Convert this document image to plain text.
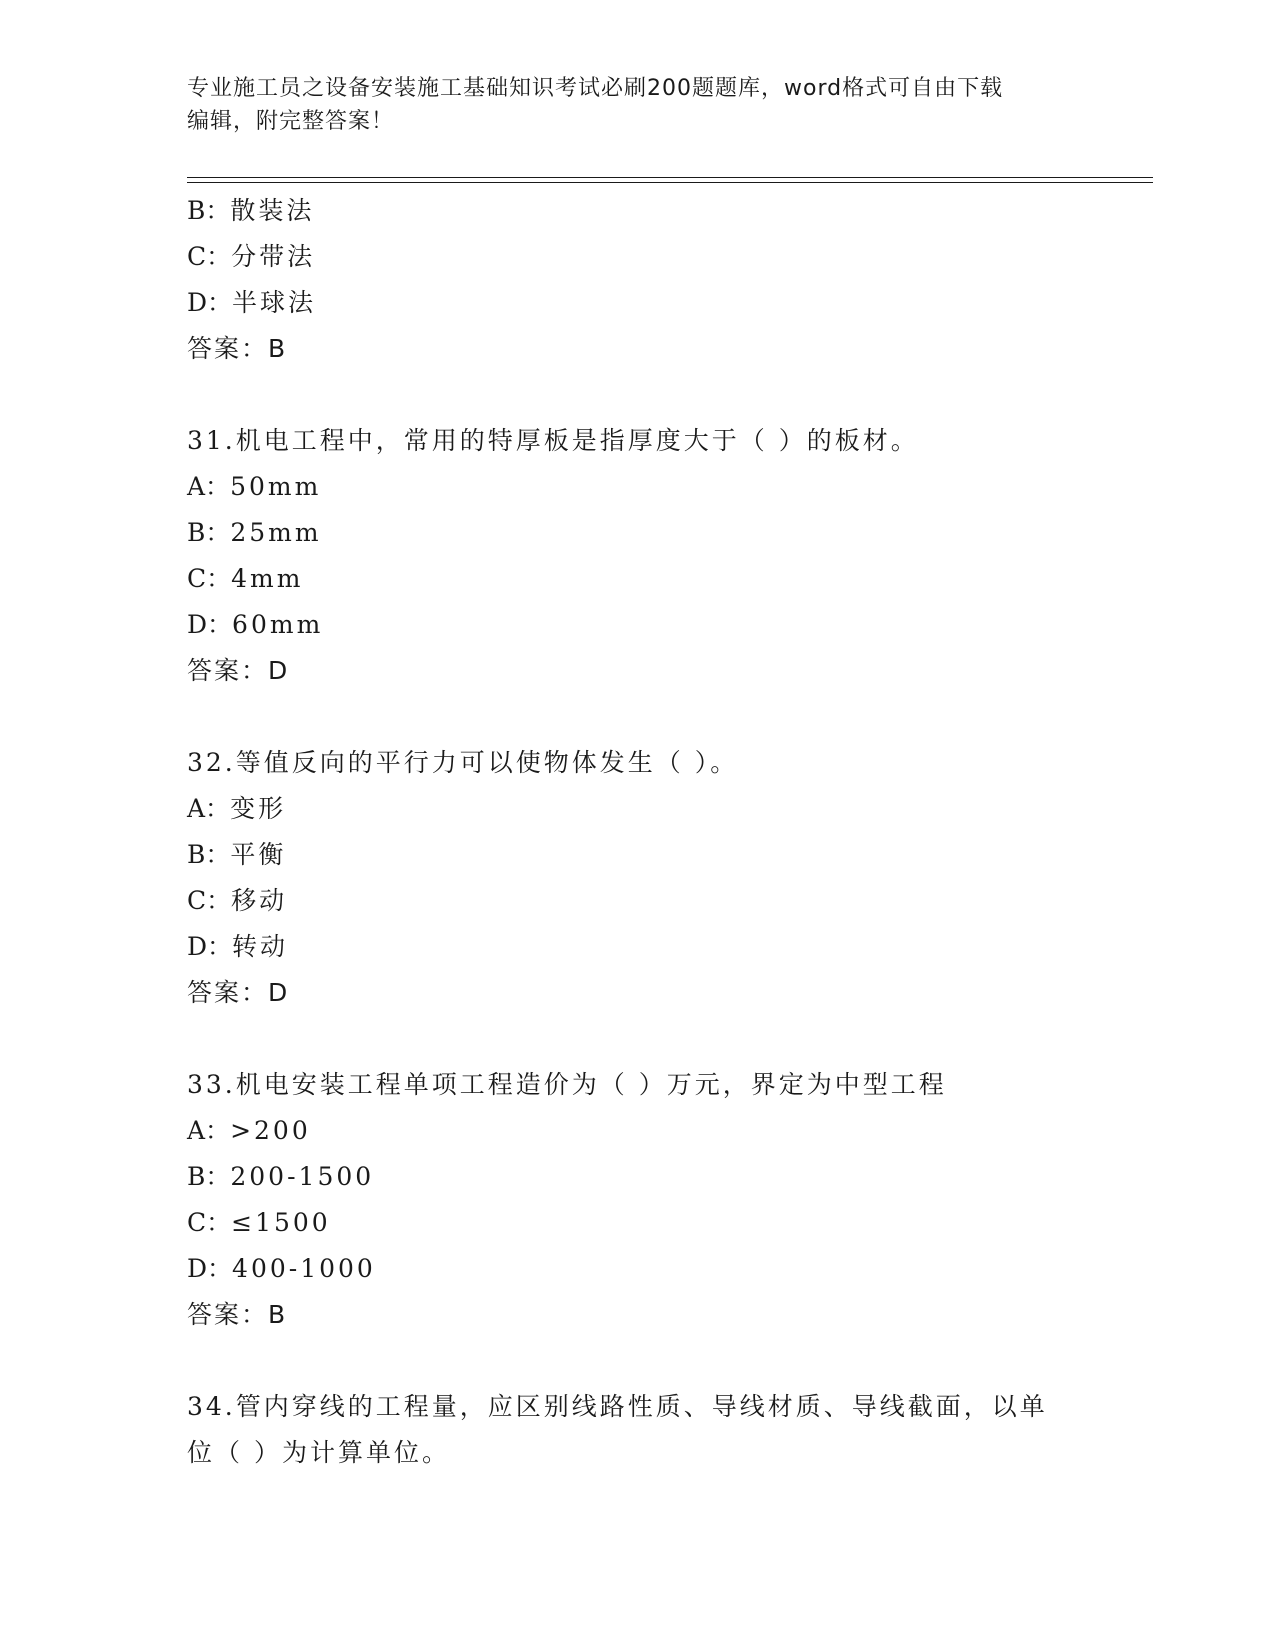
专业施工员之设备安装施工基础知识考试必刷200题题库，word格式可自由下载
编辑，附完整答案！
B：散装法
C：分带法
D：半球法
答案：B
31.机电工程中，常用的特厚板是指厚度大于（ ）的板材。
A：50mm
B：25mm
C：4mm
D：60mm
答案：D
32.等值反向的平行力可以使物体发生（ ）。
A：变形
B：平衡
C：移动
D：转动
答案：D
33.机电安装工程单项工程造价为（ ）万元，界定为中型工程
A：>200
B：200-1500
C：≤1500
D：400-1000
答案：B
34.管内穿线的工程量，应区别线路性质、导线材质、导线截面，以单
位（ ）为计算单位。
